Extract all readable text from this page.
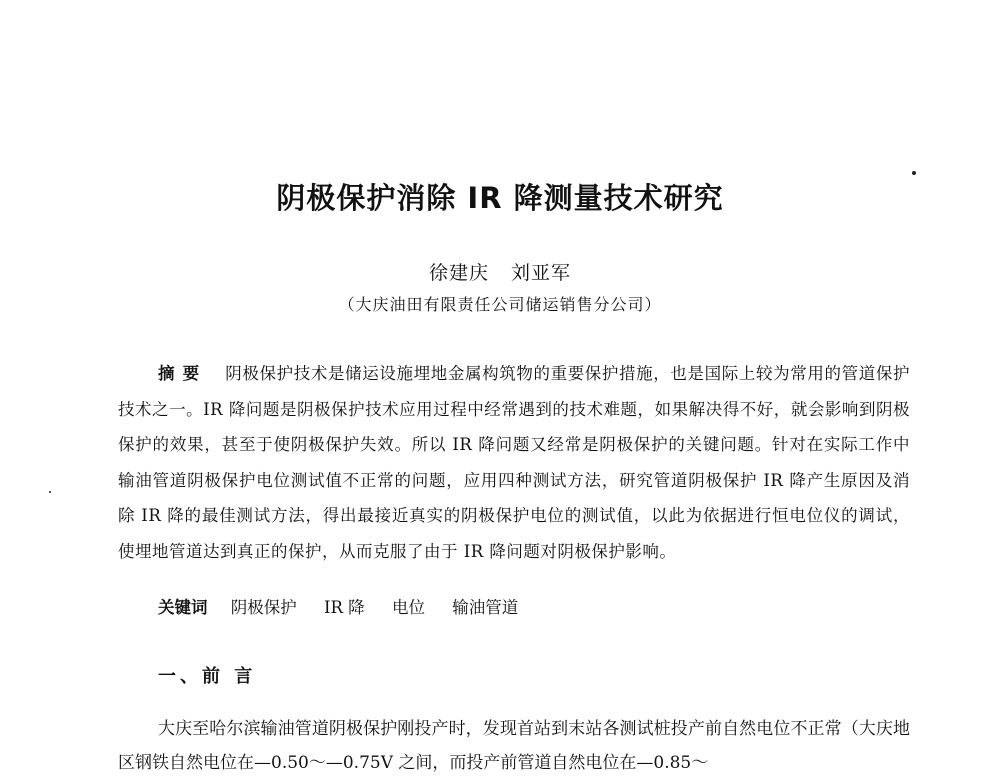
阴极保护消除 IR 降测量技术研究
徐建庆 刘亚军
（大庆油田有限责任公司储运销售分公司）
摘要 阴极保护技术是储运设施埋地金属构筑物的重要保护措施，也是国际上较为常用的管道保护技术之一。IR 降问题是阴极保护技术应用过程中经常遇到的技术难题，如果解决得不好，就会影响到阴极保护的效果，甚至于使阴极保护失效。所以 IR 降问题又经常是阴极保护的关键问题。针对在实际工作中输油管道阴极保护电位测试值不正常的问题，应用四种测试方法，研究管道阴极保护 IR 降产生原因及消除 IR 降的最佳测试方法，得出最接近真实的阴极保护电位的测试值，以此为依据进行恒电位仪的调试，使埋地管道达到真正的保护，从而克服了由于 IR 降问题对阴极保护影响。
关键词 阴极保护 IR 降 电位 输油管道
一、前 言
大庆至哈尔滨输油管道阴极保护刚投产时，发现首站到末站各测试桩投产前自然电位不正常（大庆地区钢铁自然电位在—0.50～—0.75V 之间，而投产前管道自然电位在—0.85～
